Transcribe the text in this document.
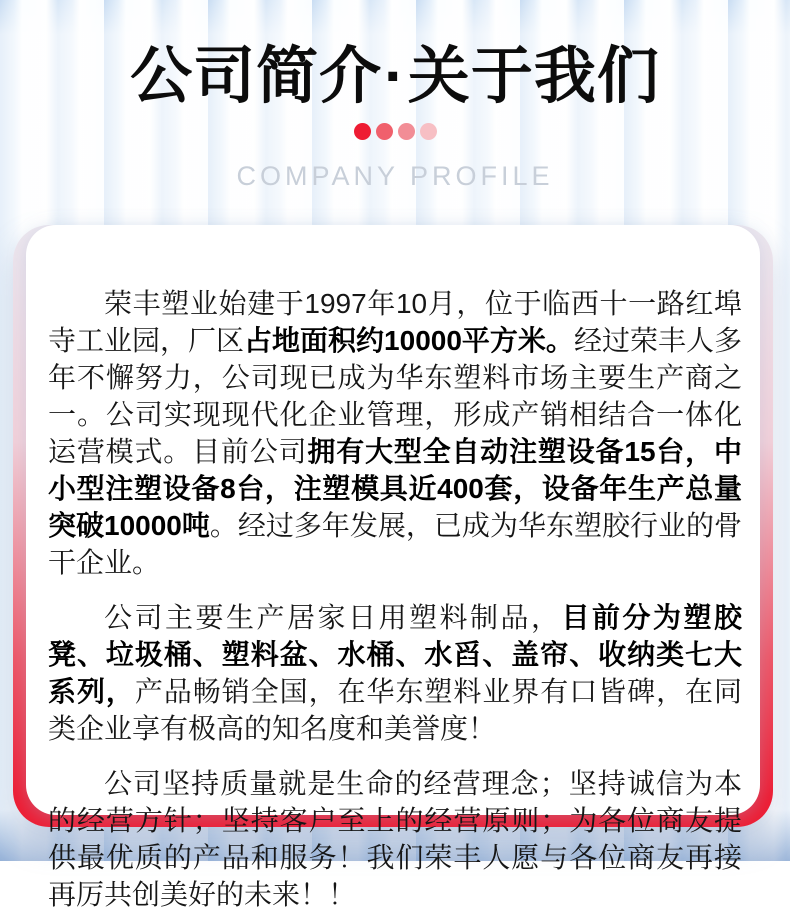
公司简介·关于我们
COMPANY PROFILE

荣丰塑业始建于1997年10月，位于临西十一路红埠寺工业园，厂区占地面积约10000平方米。经过荣丰人多年不懈努力，公司现已成为华东塑料市场主要生产商之一。公司实现现代化企业管理，形成产销相结合一体化运营模式。目前公司拥有大型全自动注塑设备15台，中小型注塑设备8台，注塑模具近400套，设备年生产总量突破10000吨。经过多年发展，已成为华东塑胶行业的骨干企业。

公司主要生产居家日用塑料制品，目前分为塑胶凳、垃圾桶、塑料盆、水桶、水舀、盖帘、收纳类七大系列，产品畅销全国，在华东塑料业界有口皆碑，在同类企业享有极高的知名度和美誉度！

公司坚持质量就是生命的经营理念；坚持诚信为本的经营方针；坚持客户至上的经营原则；为各位商友提供最优质的产品和服务！我们荣丰人愿与各位商友再接再厉共创美好的未来！！
